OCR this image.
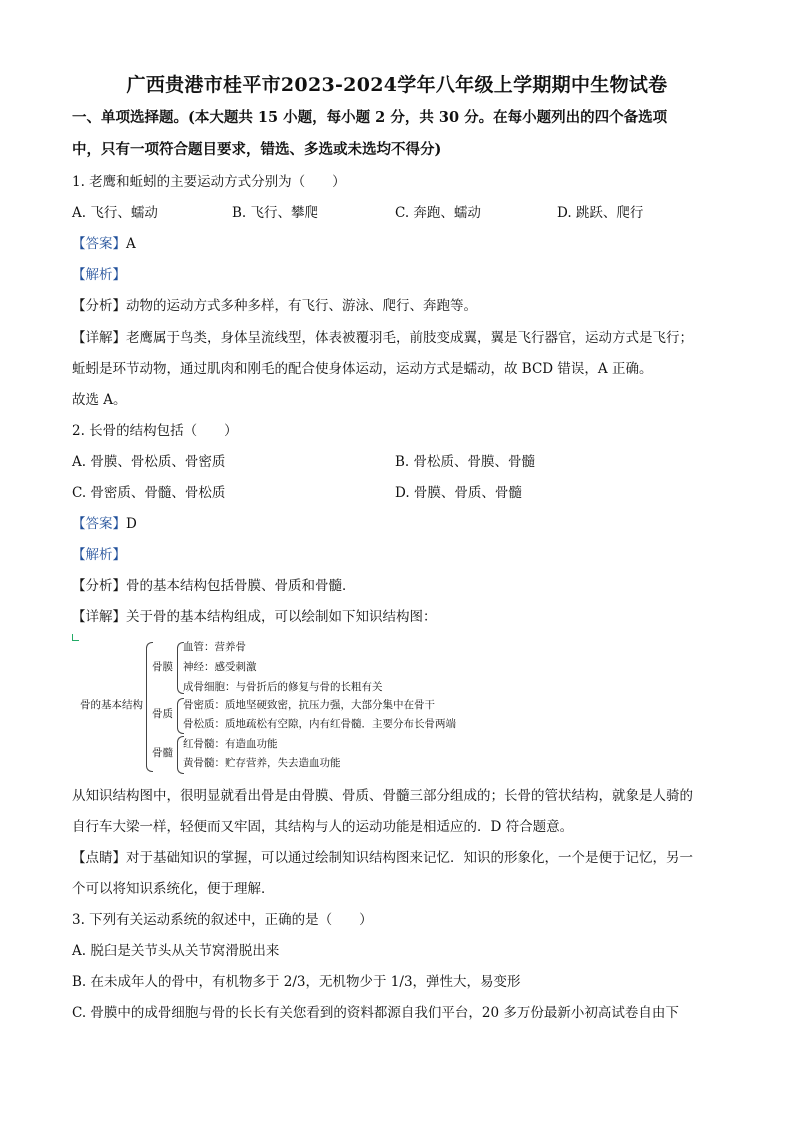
广西贵港市桂平市2023-2024学年八年级上学期期中生物试卷
一、单项选择题。(本大题共 15 小题，每小题 2 分，共 30 分。在每小题列出的四个备选项
中，只有一项符合题目要求，错选、多选或未选均不得分)
1. 老鹰和蚯蚓的主要运动方式分别为（　　）
A. 飞行、蠕动	B. 飞行、攀爬	C. 奔跑、蠕动	D. 跳跃、爬行
【答案】A
【解析】
【分析】动物的运动方式多种多样，有飞行、游泳、爬行、奔跑等。
【详解】老鹰属于鸟类，身体呈流线型，体表被覆羽毛，前肢变成翼，翼是飞行器官，运动方式是飞行；
蚯蚓是环节动物，通过肌肉和刚毛的配合使身体运动，运动方式是蠕动，故 BCD 错误，A 正确。
故选 A。
2. 长骨的结构包括（　　）
A. 骨膜、骨松质、骨密质	B. 骨松质、骨膜、骨髓
C. 骨密质、骨髓、骨松质	D. 骨膜、骨质、骨髓
【答案】D
【解析】
【分析】骨的基本结构包括骨膜、骨质和骨髓．
【详解】关于骨的基本结构组成，可以绘制如下知识结构图：
骨的基本结构
骨膜
血管：营养骨
神经：感受刺激
成骨细胞：与骨折后的修复与骨的长粗有关
骨质
骨密质：质地坚硬致密，抗压力强，大部分集中在骨干
骨松质：质地疏松有空隙，内有红骨髓．主要分布长骨两端
骨髓
红骨髓：有造血功能
黄骨髓：贮存营养，失去造血功能
从知识结构图中，很明显就看出骨是由骨膜、骨质、骨髓三部分组成的；长骨的管状结构，就象是人骑的
自行车大梁一样，轻便而又牢固，其结构与人的运动功能是相适应的．D 符合题意。
【点睛】对于基础知识的掌握，可以通过绘制知识结构图来记忆．知识的形象化，一个是便于记忆，另一
个可以将知识系统化，便于理解．
3. 下列有关运动系统的叙述中，正确的是（　　）
A. 脱臼是关节头从关节窝滑脱出来
B. 在未成年人的骨中，有机物多于 2/3，无机物少于 1/3，弹性大，易变形
C. 骨膜中的成骨细胞与骨的长长有关您看到的资料都源自我们平台，20 多万份最新小初高试卷自由下
